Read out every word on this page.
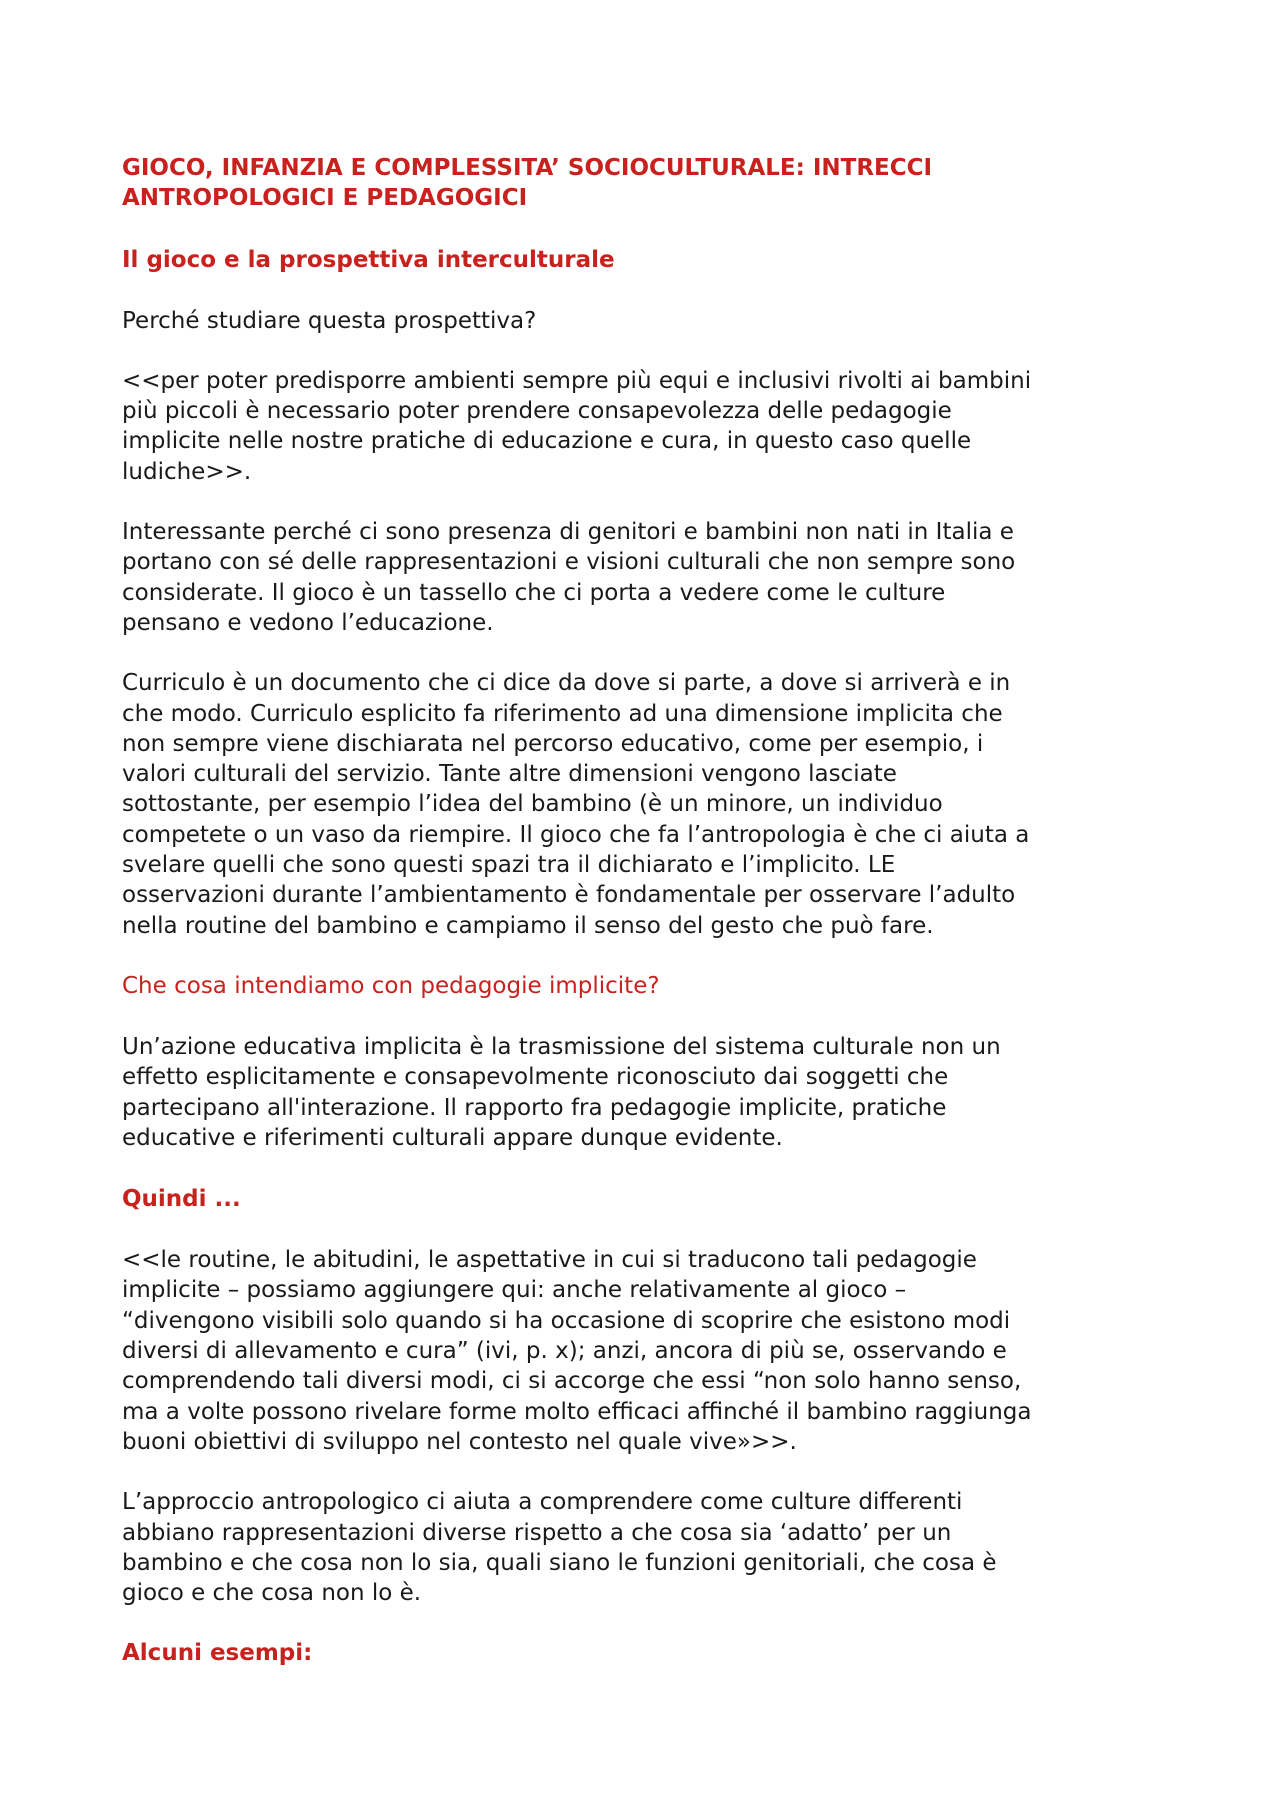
GIOCO, INFANZIA E COMPLESSITA’ SOCIOCULTURALE: INTRECCI
ANTROPOLOGICI E PEDAGOGICI
Il gioco e la prospettiva interculturale

Perché studiare questa prospettiva?

<<per poter predisporre ambienti sempre più equi e inclusivi rivolti ai bambini
più piccoli è necessario poter prendere consapevolezza delle pedagogie
implicite nelle nostre pratiche di educazione e cura, in questo caso quelle
ludiche>>.

Interessante perché ci sono presenza di genitori e bambini non nati in Italia e
portano con sé delle rappresentazioni e visioni culturali che non sempre sono
considerate. Il gioco è un tassello che ci porta a vedere come le culture
pensano e vedono l’educazione.

Curriculo è un documento che ci dice da dove si parte, a dove si arriverà e in
che modo. Curriculo esplicito fa riferimento ad una dimensione implicita che
non sempre viene dischiarata nel percorso educativo, come per esempio, i
valori culturali del servizio. Tante altre dimensioni vengono lasciate
sottostante, per esempio l’idea del bambino (è un minore, un individuo
competete o un vaso da riempire. Il gioco che fa l’antropologia è che ci aiuta a
svelare quelli che sono questi spazi tra il dichiarato e l’implicito. LE
osservazioni durante l’ambientamento è fondamentale per osservare l’adulto
nella routine del bambino e campiamo il senso del gesto che può fare.

Che cosa intendiamo con pedagogie implicite?

Un’azione educativa implicita è la trasmissione del sistema culturale non un
effetto esplicitamente e consapevolmente riconosciuto dai soggetti che
partecipano all'interazione. Il rapporto fra pedagogie implicite, pratiche
educative e riferimenti culturali appare dunque evidente.

Quindi ...

<<le routine, le abitudini, le aspettative in cui si traducono tali pedagogie
implicite – possiamo aggiungere qui: anche relativamente al gioco –
“divengono visibili solo quando si ha occasione di scoprire che esistono modi
diversi di allevamento e cura” (ivi, p. x); anzi, ancora di più se, osservando e
comprendendo tali diversi modi, ci si accorge che essi “non solo hanno senso,
ma a volte possono rivelare forme molto efficaci affinché il bambino raggiunga
buoni obiettivi di sviluppo nel contesto nel quale vive»>>.

L’approccio antropologico ci aiuta a comprendere come culture differenti
abbiano rappresentazioni diverse rispetto a che cosa sia ‘adatto’ per un
bambino e che cosa non lo sia, quali siano le funzioni genitoriali, che cosa è
gioco e che cosa non lo è.

Alcuni esempi:
